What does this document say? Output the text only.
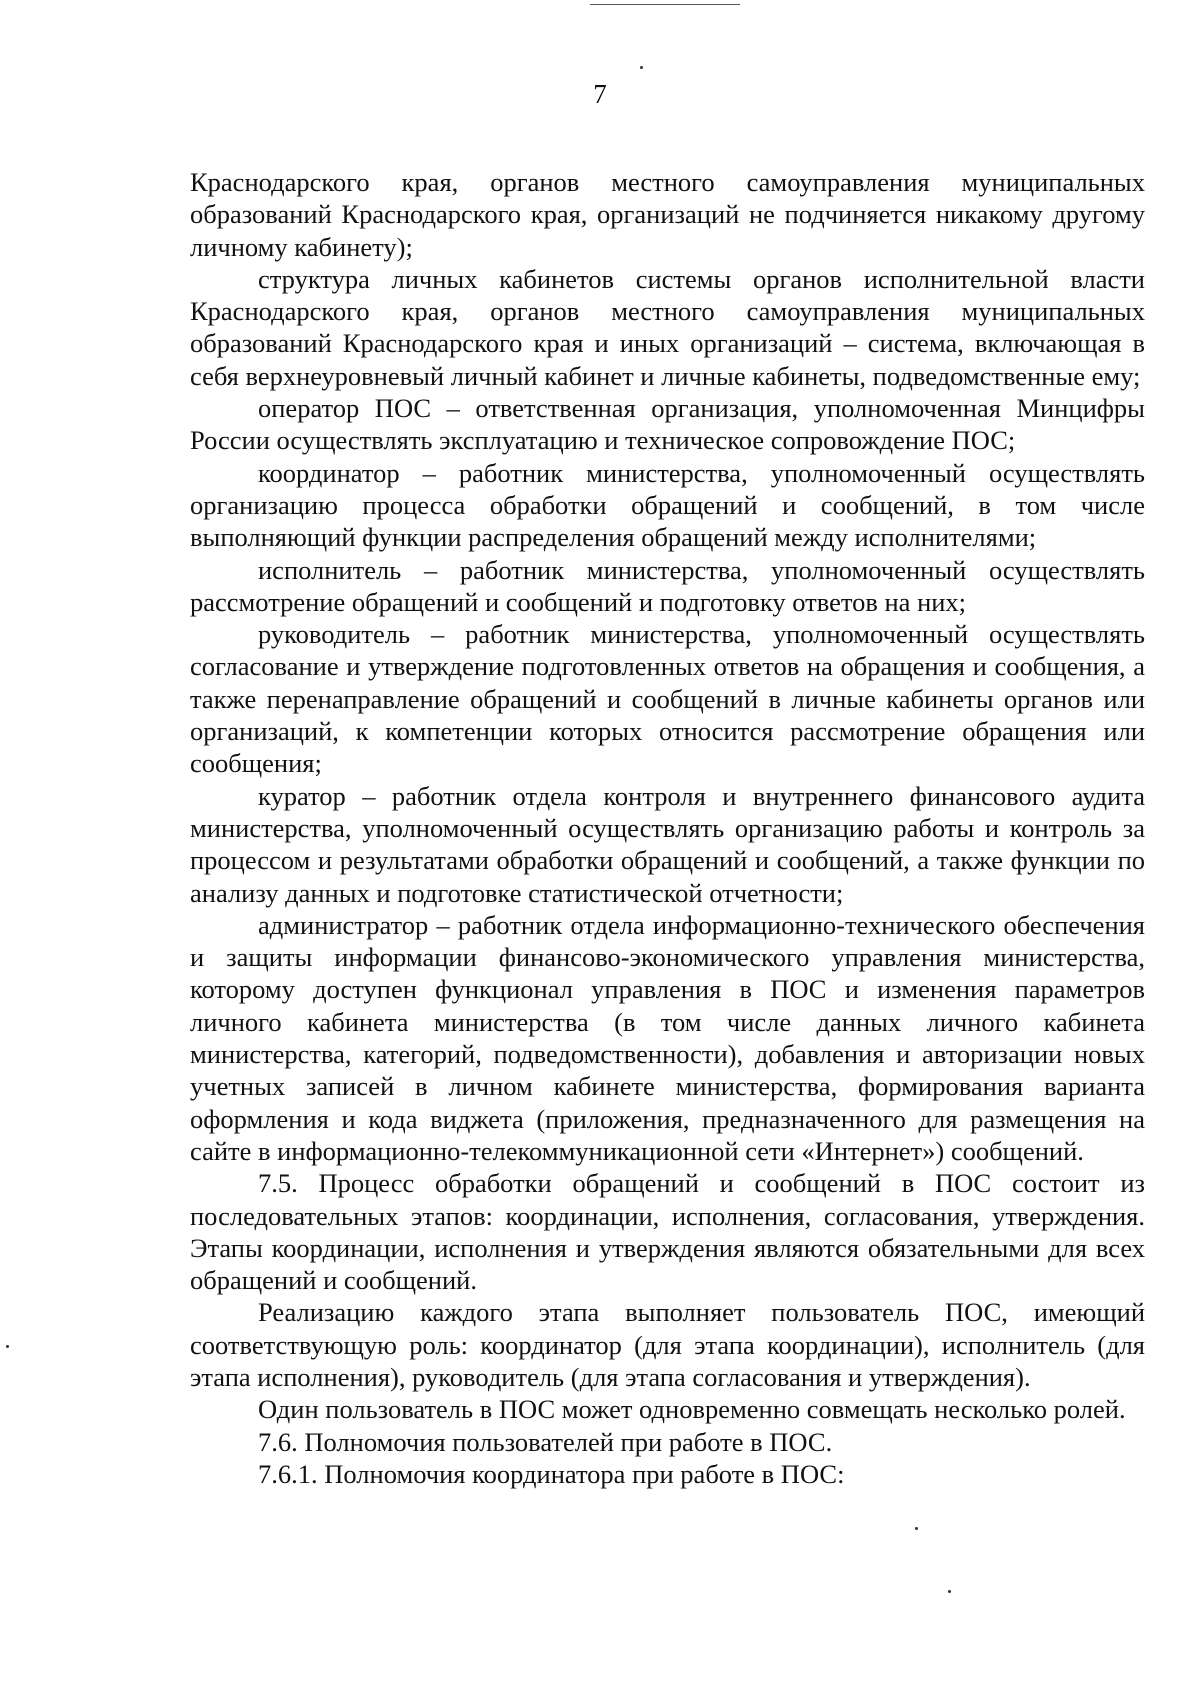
7

Краснодарского края, органов местного самоуправления муниципальных образований Краснодарского края, организаций не подчиняется никакому другому личному кабинету);

структура личных кабинетов системы органов исполнительной власти Краснодарского края, органов местного самоуправления муниципальных образований Краснодарского края и иных организаций – система, включающая в себя верхнеуровневый личный кабинет и личные кабинеты, подведомственные ему;

оператор ПОС – ответственная организация, уполномоченная Минцифры России осуществлять эксплуатацию и техническое сопровождение ПОС;

координатор – работник министерства, уполномоченный осуществлять организацию процесса обработки обращений и сообщений, в том числе выполняющий функции распределения обращений между исполнителями;

исполнитель – работник министерства, уполномоченный осуществлять рассмотрение обращений и сообщений и подготовку ответов на них;

руководитель – работник министерства, уполномоченный осуществлять согласование и утверждение подготовленных ответов на обращения и сообщения, а также перенаправление обращений и сообщений в личные кабинеты органов или организаций, к компетенции которых относится рассмотрение обращения или сообщения;

куратор – работник отдела контроля и внутреннего финансового аудита министерства, уполномоченный осуществлять организацию работы и контроль за процессом и результатами обработки обращений и сообщений, а также функции по анализу данных и подготовке статистической отчетности;

администратор – работник отдела информационно-технического обеспечения и защиты информации финансово-экономического управления министерства, которому доступен функционал управления в ПОС и изменения параметров личного кабинета министерства (в том числе данных личного кабинета министерства, категорий, подведомственности), добавления и авторизации новых учетных записей в личном кабинете министерства, формирования варианта оформления и кода виджета (приложения, предназначенного для размещения на сайте в информационно-телекоммуникационной сети «Интернет») сообщений.

7.5. Процесс обработки обращений и сообщений в ПОС состоит из последовательных этапов: координации, исполнения, согласования, утверждения. Этапы координации, исполнения и утверждения являются обязательными для всех обращений и сообщений.

Реализацию каждого этапа выполняет пользователь ПОС, имеющий соответствующую роль: координатор (для этапа координации), исполнитель (для этапа исполнения), руководитель (для этапа согласования и утверждения).

Один пользователь в ПОС может одновременно совмещать несколько ролей.

7.6. Полномочия пользователей при работе в ПОС.

7.6.1. Полномочия координатора при работе в ПОС:
